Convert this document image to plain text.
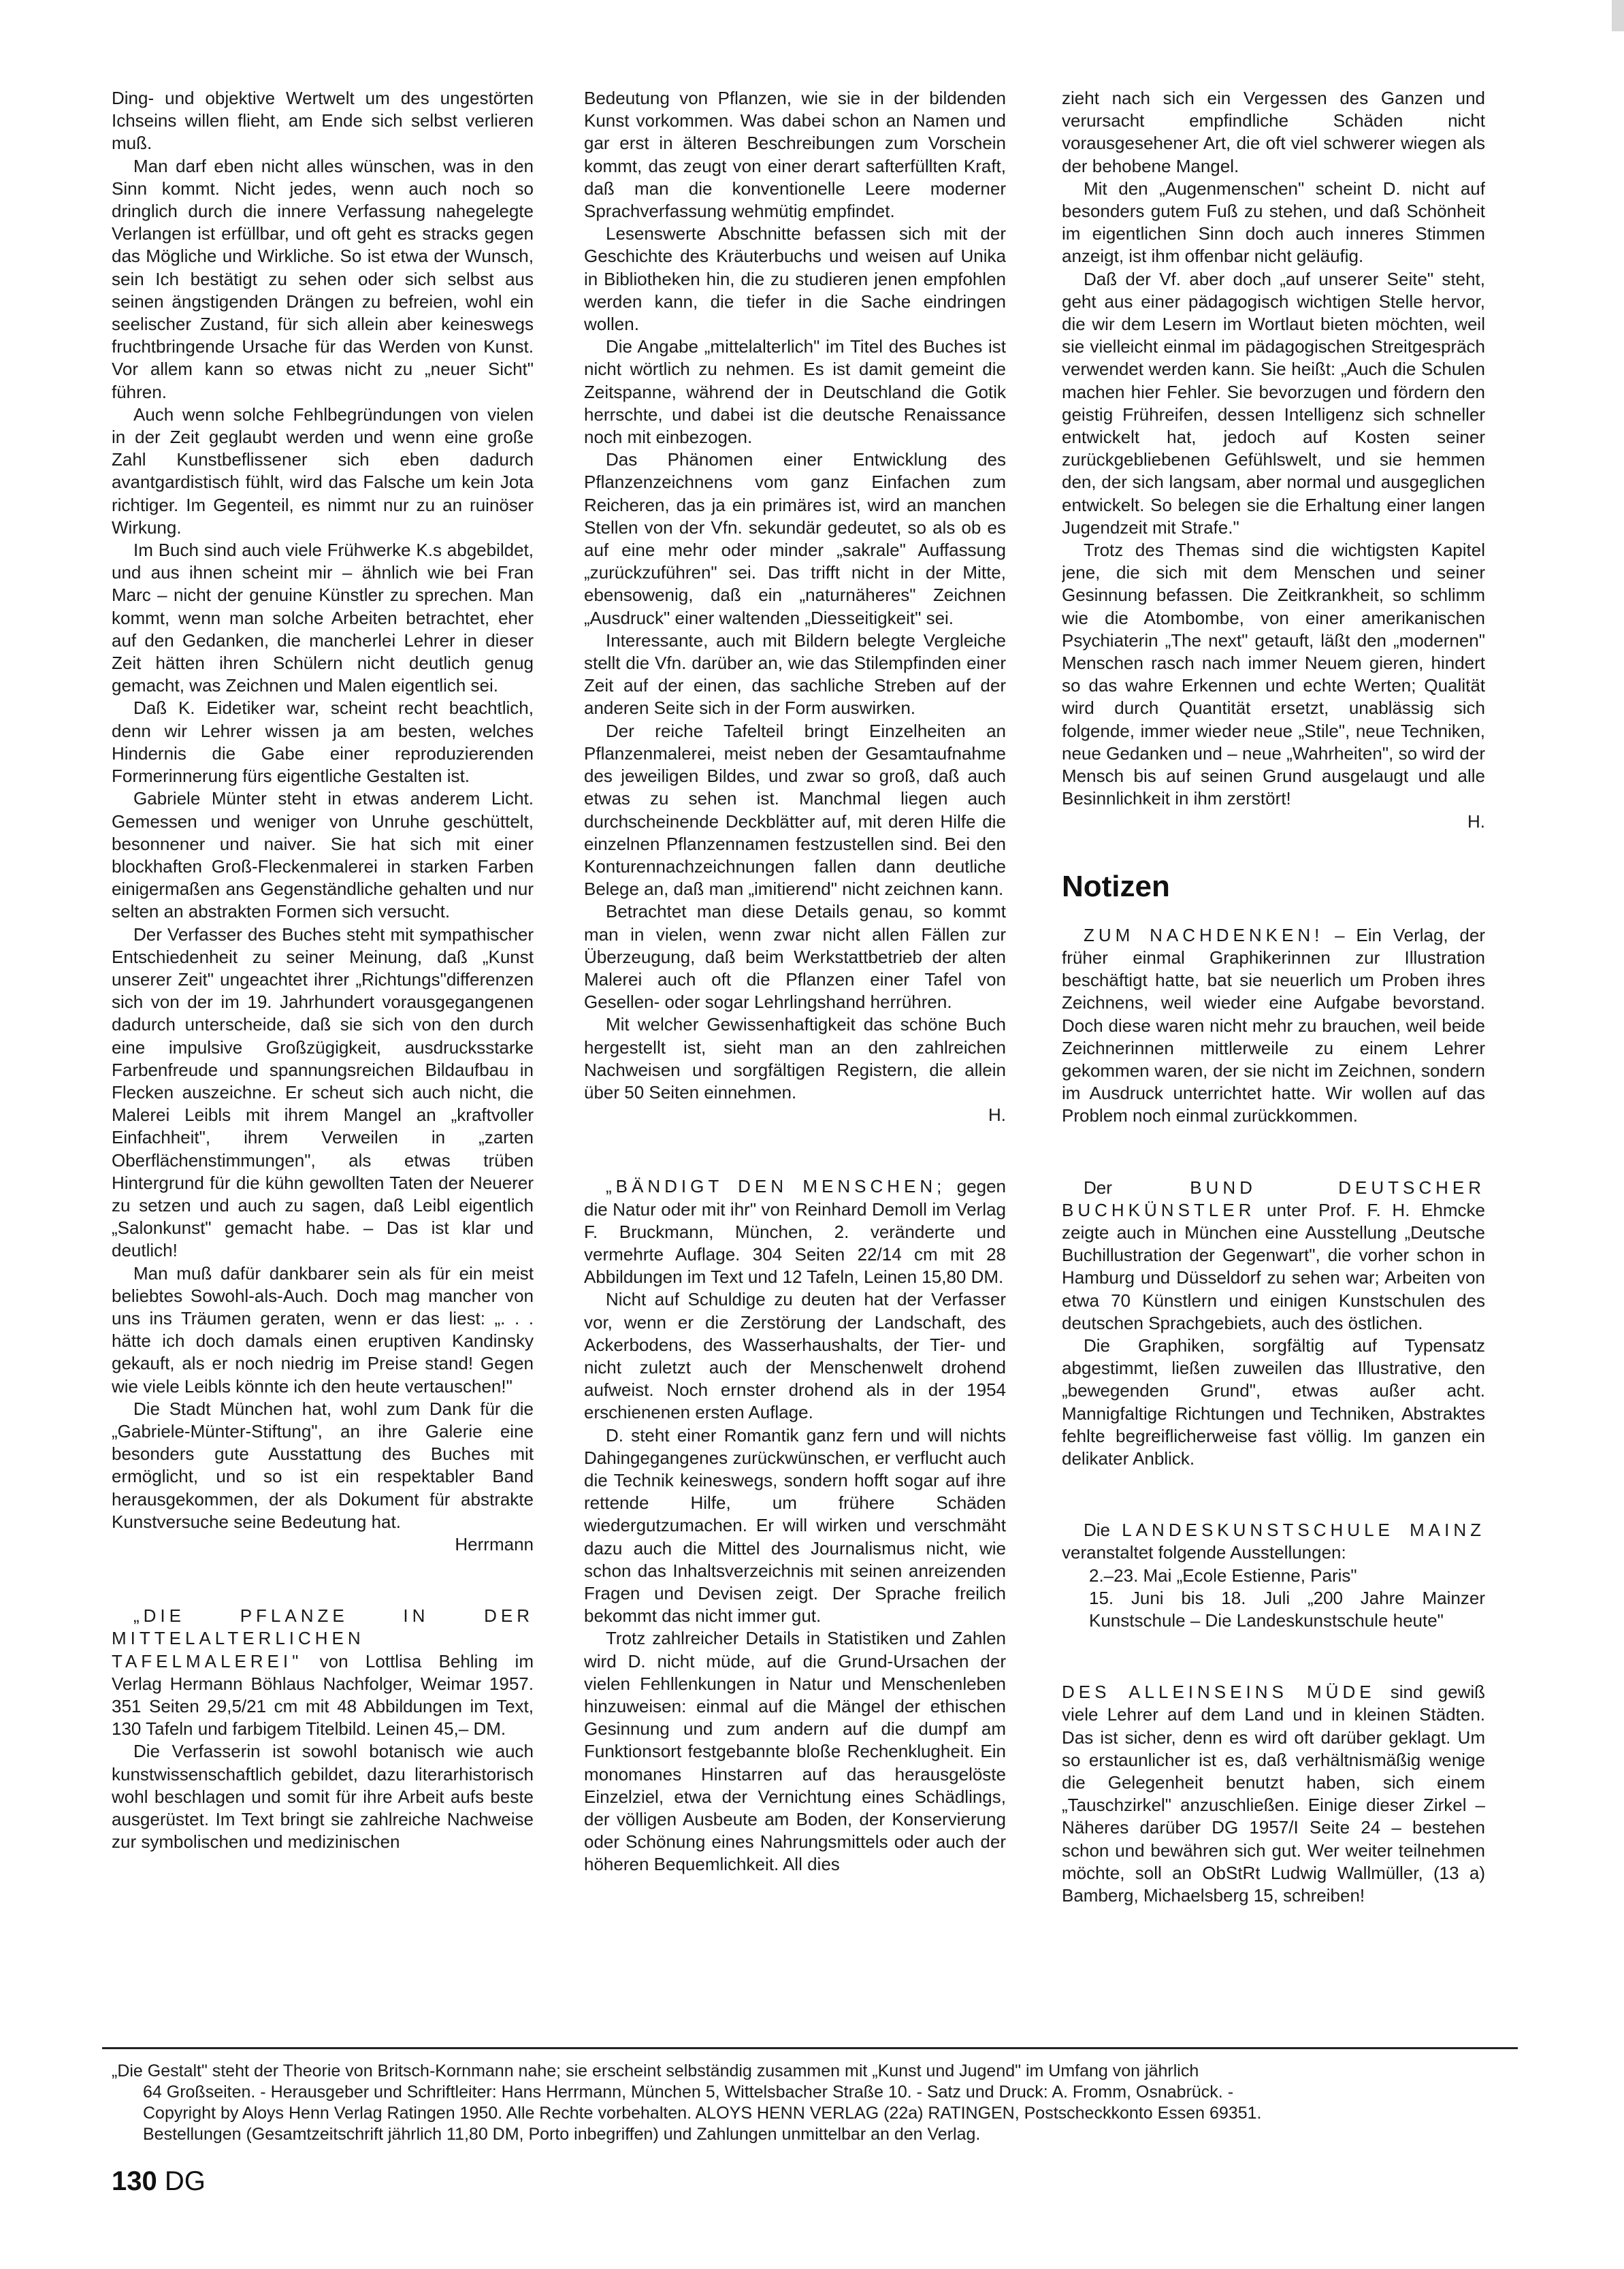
Ding- und objektive Wertwelt um des ungestörten Ichseins willen flieht, am Ende sich selbst verlieren muß.

Man darf eben nicht alles wünschen, was in den Sinn kommt. Nicht jedes, wenn auch noch so dringlich durch die innere Verfassung nahegelegte Verlangen ist erfüllbar, und oft geht es stracks gegen das Mögliche und Wirkliche. So ist etwa der Wunsch, sein Ich bestätigt zu sehen oder sich selbst aus seinen ängstigenden Drängen zu befreien, wohl ein seelischer Zustand, für sich allein aber keineswegs fruchtbringende Ursache für das Werden von Kunst. Vor allem kann so etwas nicht zu „neuer Sicht" führen.

Auch wenn solche Fehlbegründungen von vielen in der Zeit geglaubt werden und wenn eine große Zahl Kunstbeflissener sich eben dadurch avantgardistisch fühlt, wird das Falsche um kein Jota richtiger. Im Gegenteil, es nimmt nur zu an ruinöser Wirkung.

Im Buch sind auch viele Frühwerke K.s abgebildet, und aus ihnen scheint mir – ähnlich wie bei Fran Marc – nicht der genuine Künstler zu sprechen. Man kommt, wenn man solche Arbeiten betrachtet, eher auf den Gedanken, die mancherlei Lehrer in dieser Zeit hätten ihren Schülern nicht deutlich genug gemacht, was Zeichnen und Malen eigentlich sei.

Daß K. Eidetiker war, scheint recht beachtlich, denn wir Lehrer wissen ja am besten, welches Hindernis die Gabe einer reproduzierenden Formerinnerung fürs eigentliche Gestalten ist.

Gabriele Münter steht in etwas anderem Licht. Gemessen und weniger von Unruhe geschüttelt, besonnener und naiver. Sie hat sich mit einer blockhaften Groß-Fleckenmalerei in starken Farben einigermaßen ans Gegenständliche gehalten und nur selten an abstrakten Formen sich versucht.

Der Verfasser des Buches steht mit sympathischer Entschiedenheit zu seiner Meinung, daß „Kunst unserer Zeit" ungeachtet ihrer „Richtungs"differenzen sich von der im 19. Jahrhundert vorausgegangenen dadurch unterscheide, daß sie sich von den durch eine impulsive Großzügigkeit, ausdrucksstarke Farbenfreude und spannungsreichen Bildaufbau in Flecken auszeichne. Er scheut sich auch nicht, die Malerei Leibls mit ihrem Mangel an „kraftvoller Einfachheit", ihrem Verweilen in „zarten Oberflächenstimmungen", als etwas trüben Hintergrund für die kühn gewollten Taten der Neuerer zu setzen und auch zu sagen, daß Leibl eigentlich „Salonkunst" gemacht habe. – Das ist klar und deutlich!

Man muß dafür dankbarer sein als für ein meist beliebtes Sowohl-als-Auch. Doch mag mancher von uns ins Träumen geraten, wenn er das liest: „. . . hätte ich doch damals einen eruptiven Kandinsky gekauft, als er noch niedrig im Preise stand! Gegen wie viele Leibls könnte ich den heute vertauschen!"

Die Stadt München hat, wohl zum Dank für die „Gabriele-Münter-Stiftung", an ihre Galerie eine besonders gute Ausstattung des Buches mit ermöglicht, und so ist ein respektabler Band herausgekommen, der als Dokument für abstrakte Kunstversuche seine Bedeutung hat.

Herrmann

„DIE PFLANZE IN DER MITTELALTERLICHEN TAFELMALEREI" von Lottlisa Behling im Verlag Hermann Böhlaus Nachfolger, Weimar 1957. 351 Seiten 29,5/21 cm mit 48 Abbildungen im Text, 130 Tafeln und farbigem Titelbild. Leinen 45,– DM.

Die Verfasserin ist sowohl botanisch wie auch kunstwissenschaftlich gebildet, dazu literarhistorisch wohl beschlagen und somit für ihre Arbeit aufs beste ausgerüstet. Im Text bringt sie zahlreiche Nachweise zur symbolischen und medizinischen

Bedeutung von Pflanzen, wie sie in der bildenden Kunst vorkommen. Was dabei schon an Namen und gar erst in älteren Beschreibungen zum Vorschein kommt, das zeugt von einer derart safterfüllten Kraft, daß man die konventionelle Leere moderner Sprachverfassung wehmütig empfindet.

Lesenswerte Abschnitte befassen sich mit der Geschichte des Kräuterbuchs und weisen auf Unika in Bibliotheken hin, die zu studieren jenen empfohlen werden kann, die tiefer in die Sache eindringen wollen.

Die Angabe „mittelalterlich" im Titel des Buches ist nicht wörtlich zu nehmen. Es ist damit gemeint die Zeitspanne, während der in Deutschland die Gotik herrschte, und dabei ist die deutsche Renaissance noch mit einbezogen.

Das Phänomen einer Entwicklung des Pflanzenzeichnens vom ganz Einfachen zum Reicheren, das ja ein primäres ist, wird an manchen Stellen von der Vfn. sekundär gedeutet, so als ob es auf eine mehr oder minder „sakrale" Auffassung „zurückzuführen" sei. Das trifft nicht in der Mitte, ebensowenig, daß ein „naturnäheres" Zeichnen „Ausdruck" einer waltenden „Diesseitigkeit" sei.

Interessante, auch mit Bildern belegte Vergleiche stellt die Vfn. darüber an, wie das Stilempfinden einer Zeit auf der einen, das sachliche Streben auf der anderen Seite sich in der Form auswirken.

Der reiche Tafelteil bringt Einzelheiten an Pflanzenmalerei, meist neben der Gesamtaufnahme des jeweiligen Bildes, und zwar so groß, daß auch etwas zu sehen ist. Manchmal liegen auch durchscheinende Deckblätter auf, mit deren Hilfe die einzelnen Pflanzennamen festzustellen sind. Bei den Konturennachzeichnungen fallen dann deutliche Belege an, daß man „imitierend" nicht zeichnen kann.

Betrachtet man diese Details genau, so kommt man in vielen, wenn zwar nicht allen Fällen zur Überzeugung, daß beim Werkstattbetrieb der alten Malerei auch oft die Pflanzen einer Tafel von Gesellen- oder sogar Lehrlingshand herrühren.

Mit welcher Gewissenhaftigkeit das schöne Buch hergestellt ist, sieht man an den zahlreichen Nachweisen und sorgfältigen Registern, die allein über 50 Seiten einnehmen.

H.

„BÄNDIGT DEN MENSCHEN; gegen die Natur oder mit ihr" von Reinhard Demoll im Verlag F. Bruckmann, München, 2. veränderte und vermehrte Auflage. 304 Seiten 22/14 cm mit 28 Abbildungen im Text und 12 Tafeln, Leinen 15,80 DM.

Nicht auf Schuldige zu deuten hat der Verfasser vor, wenn er die Zerstörung der Landschaft, des Ackerbodens, des Wasserhaushalts, der Tier- und nicht zuletzt auch der Menschenwelt drohend aufweist. Noch ernster drohend als in der 1954 erschienenen ersten Auflage.

D. steht einer Romantik ganz fern und will nichts Dahingegangenes zurückwünschen, er verflucht auch die Technik keineswegs, sondern hofft sogar auf ihre rettende Hilfe, um frühere Schäden wiedergutzumachen. Er will wirken und verschmäht dazu auch die Mittel des Journalismus nicht, wie schon das Inhaltsverzeichnis mit seinen anreizenden Fragen und Devisen zeigt. Der Sprache freilich bekommt das nicht immer gut.

Trotz zahlreicher Details in Statistiken und Zahlen wird D. nicht müde, auf die Grund-Ursachen der vielen Fehllenkungen in Natur und Menschenleben hinzuweisen: einmal auf die Mängel der ethischen Gesinnung und zum andern auf die dumpf am Funktionsort festgebannte bloße Rechenklugheit. Ein monomanes Hinstarren auf das herausgelöste Einzelziel, etwa der Vernichtung eines Schädlings, der völligen Ausbeute am Boden, der Konservierung oder Schönung eines Nahrungsmittels oder auch der höheren Bequemlichkeit. All dies

zieht nach sich ein Vergessen des Ganzen und verursacht empfindliche Schäden nicht vorausgesehener Art, die oft viel schwerer wiegen als der behobene Mangel.

Mit den „Augenmenschen" scheint D. nicht auf besonders gutem Fuß zu stehen, und daß Schönheit im eigentlichen Sinn doch auch inneres Stimmen anzeigt, ist ihm offenbar nicht geläufig.

Daß der Vf. aber doch „auf unserer Seite" steht, geht aus einer pädagogisch wichtigen Stelle hervor, die wir dem Lesern im Wortlaut bieten möchten, weil sie vielleicht einmal im pädagogischen Streitgespräch verwendet werden kann. Sie heißt: „Auch die Schulen machen hier Fehler. Sie bevorzugen und fördern den geistig Frühreifen, dessen Intelligenz sich schneller entwickelt hat, jedoch auf Kosten seiner zurückgebliebenen Gefühlswelt, und sie hemmen den, der sich langsam, aber normal und ausgeglichen entwickelt. So belegen sie die Erhaltung einer langen Jugendzeit mit Strafe."

Trotz des Themas sind die wichtigsten Kapitel jene, die sich mit dem Menschen und seiner Gesinnung befassen. Die Zeitkrankheit, so schlimm wie die Atombombe, von einer amerikanischen Psychiaterin „The next" getauft, läßt den „modernen" Menschen rasch nach immer Neuem gieren, hindert so das wahre Erkennen und echte Werten; Qualität wird durch Quantität ersetzt, unablässig sich folgende, immer wieder neue „Stile", neue Techniken, neue Gedanken und – neue „Wahrheiten", so wird der Mensch bis auf seinen Grund ausgelaugt und alle Besinnlichkeit in ihm zerstört!

H.

Notizen

ZUM NACHDENKEN! – Ein Verlag, der früher einmal Graphikerinnen zur Illustration beschäftigt hatte, bat sie neuerlich um Proben ihres Zeichnens, weil wieder eine Aufgabe bevorstand. Doch diese waren nicht mehr zu brauchen, weil beide Zeichnerinnen mittlerweile zu einem Lehrer gekommen waren, der sie nicht im Zeichnen, sondern im Ausdruck unterrichtet hatte. Wir wollen auf das Problem noch einmal zurückkommen.

Der	BUND DEUTSCHER BUCHKÜNSTLER unter Prof. F. H. Ehmcke zeigte auch in München eine Ausstellung „Deutsche Buchillustration der Gegenwart", die vorher schon in Hamburg und Düsseldorf zu sehen war; Arbeiten von etwa 70 Künstlern und einigen Kunstschulen des deutschen Sprachgebiets, auch des östlichen.

Die Graphiken, sorgfältig auf Typensatz abgestimmt, ließen zuweilen das Illustrative, den „bewegenden Grund", etwas außer acht. Mannigfaltige Richtungen und Techniken, Abstraktes fehlte begreiflicherweise fast völlig. Im ganzen ein delikater Anblick.

Die LANDESKUNSTSCHULE MAINZ veranstaltet folgende Ausstellungen:

2.–23. Mai „Ecole Estienne, Paris"

15. Juni bis 18. Juli „200 Jahre Mainzer Kunstschule – Die Landeskunstschule heute"

DES ALLEINSEINS MÜDE sind gewiß viele Lehrer auf dem Land und in kleinen Städten. Das ist sicher, denn es wird oft darüber geklagt. Um so erstaunlicher ist es, daß verhältnismäßig wenige die Gelegenheit benutzt haben, sich einem „Tauschzirkel" anzuschließen. Einige dieser Zirkel – Näheres darüber DG 1957/I Seite 24 – bestehen schon und bewähren sich gut. Wer weiter teilnehmen möchte, soll an ObStRt Ludwig Wallmüller, (13 a) Bamberg, Michaelsberg 15, schreiben!

„Die Gestalt" steht der Theorie von Britsch-Kornmann nahe; sie erscheint selbständig zusammen mit „Kunst und Jugend" im Umfang von jährlich

64 Großseiten. - Herausgeber und Schriftleiter: Hans Herrmann, München 5, Wittelsbacher Straße 10. - Satz und Druck: A. Fromm, Osnabrück. -

Copyright by Aloys Henn Verlag Ratingen 1950. Alle Rechte vorbehalten. ALOYS HENN VERLAG (22a) RATINGEN, Postscheckkonto Essen 69351.

Bestellungen (Gesamtzeitschrift jährlich 11,80 DM, Porto inbegriffen) und Zahlungen unmittelbar an den Verlag.

130 DG
